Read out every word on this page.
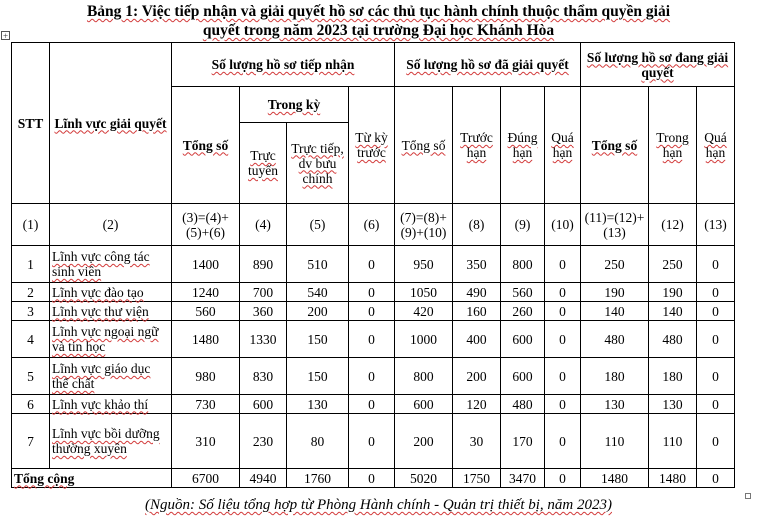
Bảng 1: Việc tiếp nhận và giải quyết hồ sơ các thủ tục hành chính thuộc thẩm quyền giải
quyết trong năm 2023 tại trường Đại học Khánh Hòa
+
STT	Lĩnh vực giải quyết	Số lượng hồ sơ tiếp nhận				Số lượng hồ sơ đã giải quyết				Số lượng hồ sơ đang giải quyết		
		Tổng số	Trong kỳ		Từ kỳ trước	Tổng số	Trước hạn	Đúng hạn	Quá hạn	Tổng số	Trong hạn	Quá hạn
			Trực tuyến	Trực tiếp, dv bưu chính								
(1)	(2)	(3)=(4)+(5)+(6)	(4)	(5)	(6)	(7)=(8)+(9)+(10)	(8)	(9)	(10)	(11)=(12)+(13)	(12)	(13)
1	Lĩnh vực công tác sinh viên	1400	890	510	0	950	350	800	0	250	250	0
2	Lĩnh vực đào tạo	1240	700	540	0	1050	490	560	0	190	190	0
3	Lĩnh vực thư viện	560	360	200	0	420	160	260	0	140	140	0
4	Lĩnh vực ngoại ngữ và tin học	1480	1330	150	0	1000	400	600	0	480	480	0
5	Lĩnh vực giáo dục thể chất	980	830	150	0	800	200	600	0	180	180	0
6	Lĩnh vực khảo thí	730	600	130	0	600	120	480	0	130	130	0
7	Lĩnh vực bồi dưỡng thường xuyên	310	230	80	0	200	30	170	0	110	110	0
Tổng cộng		6700	4940	1760	0	5020	1750	3470	0	1480	1480	0
(Nguồn: Số liệu tổng hợp từ Phòng Hành chính - Quản trị thiết bị, năm 2023)
